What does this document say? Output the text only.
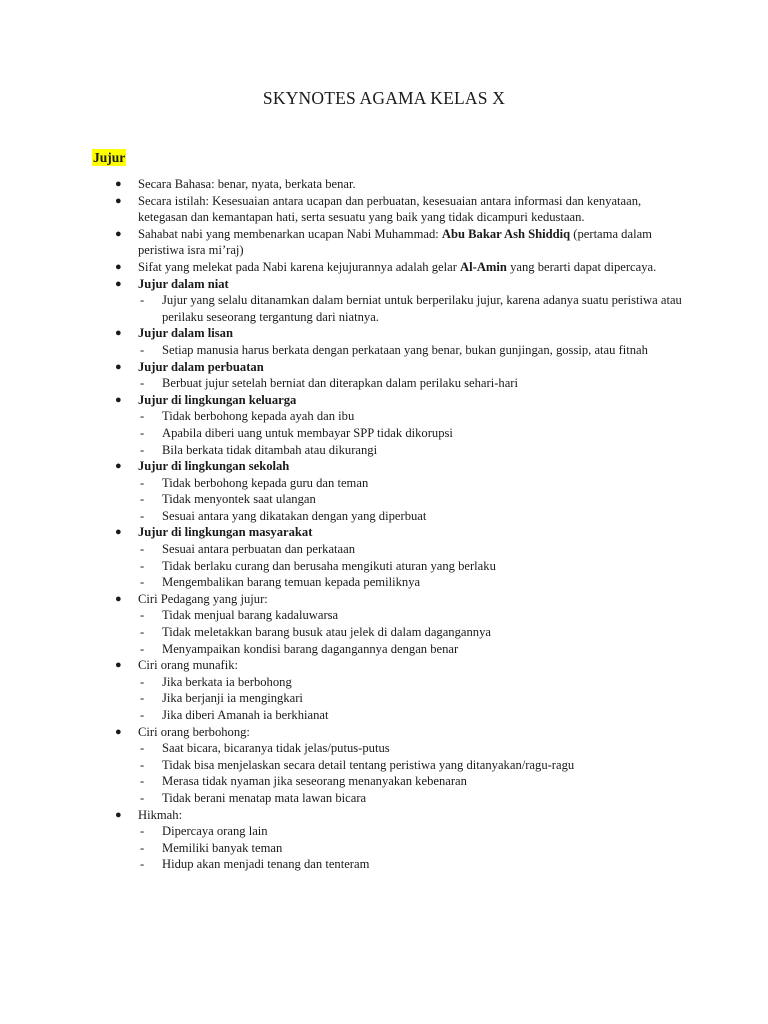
SKYNOTES AGAMA KELAS X
Jujur
● Secara Bahasa: benar, nyata, berkata benar.
● Secara istilah: Kesesuaian antara ucapan dan perbuatan, kesesuaian antara informasi dan kenyataan, ketegasan dan kemantapan hati, serta sesuatu yang baik yang tidak dicampuri kedustaan.
● Sahabat nabi yang membenarkan ucapan Nabi Muhammad: Abu Bakar Ash Shiddiq (pertama dalam peristiwa isra mi’raj)
● Sifat yang melekat pada Nabi karena kejujurannya adalah gelar Al-Amin yang berarti dapat dipercaya.
● Jujur dalam niat
- Jujur yang selalu ditanamkan dalam berniat untuk berperilaku jujur, karena adanya suatu peristiwa atau perilaku seseorang tergantung dari niatnya.
● Jujur dalam lisan
- Setiap manusia harus berkata dengan perkataan yang benar, bukan gunjingan, gossip, atau fitnah
● Jujur dalam perbuatan
- Berbuat jujur setelah berniat dan diterapkan dalam perilaku sehari-hari
● Jujur di lingkungan keluarga
- Tidak berbohong kepada ayah dan ibu
- Apabila diberi uang untuk membayar SPP tidak dikorupsi
- Bila berkata tidak ditambah atau dikurangi
● Jujur di lingkungan sekolah
- Tidak berbohong kepada guru dan teman
- Tidak menyontek saat ulangan
- Sesuai antara yang dikatakan dengan yang diperbuat
● Jujur di lingkungan masyarakat
- Sesuai antara perbuatan dan perkataan
- Tidak berlaku curang dan berusaha mengikuti aturan yang berlaku
- Mengembalikan barang temuan kepada pemiliknya
● Ciri Pedagang yang jujur:
- Tidak menjual barang kadaluwarsa
- Tidak meletakkan barang busuk atau jelek di dalam dagangannya
- Menyampaikan kondisi barang dagangannya dengan benar
● Ciri orang munafik:
- Jika berkata ia berbohong
- Jika berjanji ia mengingkari
- Jika diberi Amanah ia berkhianat
● Ciri orang berbohong:
- Saat bicara, bicaranya tidak jelas/putus-putus
- Tidak bisa menjelaskan secara detail tentang peristiwa yang ditanyakan/ragu-ragu
- Merasa tidak nyaman jika seseorang menanyakan kebenaran
- Tidak berani menatap mata lawan bicara
● Hikmah:
- Dipercaya orang lain
- Memiliki banyak teman
- Hidup akan menjadi tenang dan tenteram
